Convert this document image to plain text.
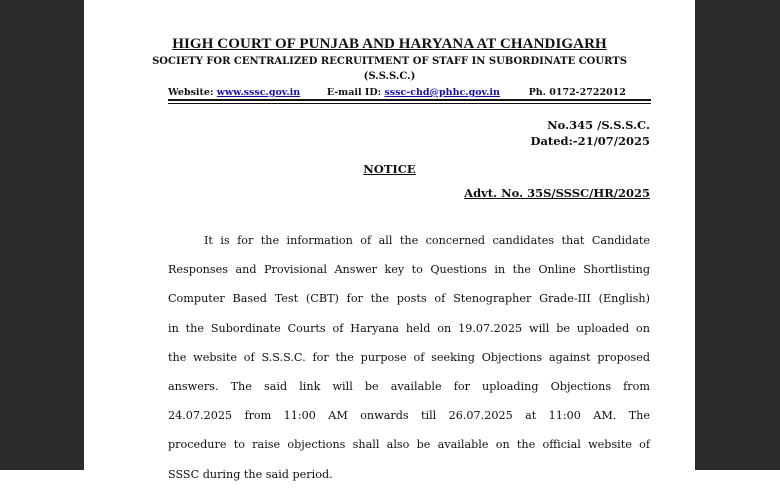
HIGH COURT OF PUNJAB AND HARYANA AT CHANDIGARH
SOCIETY FOR CENTRALIZED RECRUITMENT OF STAFF IN SUBORDINATE COURTS
(S.S.S.C.)
Website: www.sssc.gov.in	E-mail ID: sssc-chd@phhc.gov.in	Ph. 0172-2722012
No.345 /S.S.S.C.
Dated:-21/07/2025
NOTICE
Advt. No. 35S/SSSC/HR/2025
It is for the information of all the concerned candidates that Candidate
Responses and Provisional Answer key to Questions in the Online Shortlisting
Computer Based Test (CBT) for the posts of Stenographer Grade-III (English)
in the Subordinate Courts of Haryana held on 19.07.2025 will be uploaded on
the website of S.S.S.C. for the purpose of seeking Objections against proposed
answers. The said link will be available for uploading Objections from
24.07.2025 from 11:00 AM onwards till 26.07.2025 at 11:00 AM. The
procedure to raise objections shall also be available on the official website of
SSSC during the said period.
